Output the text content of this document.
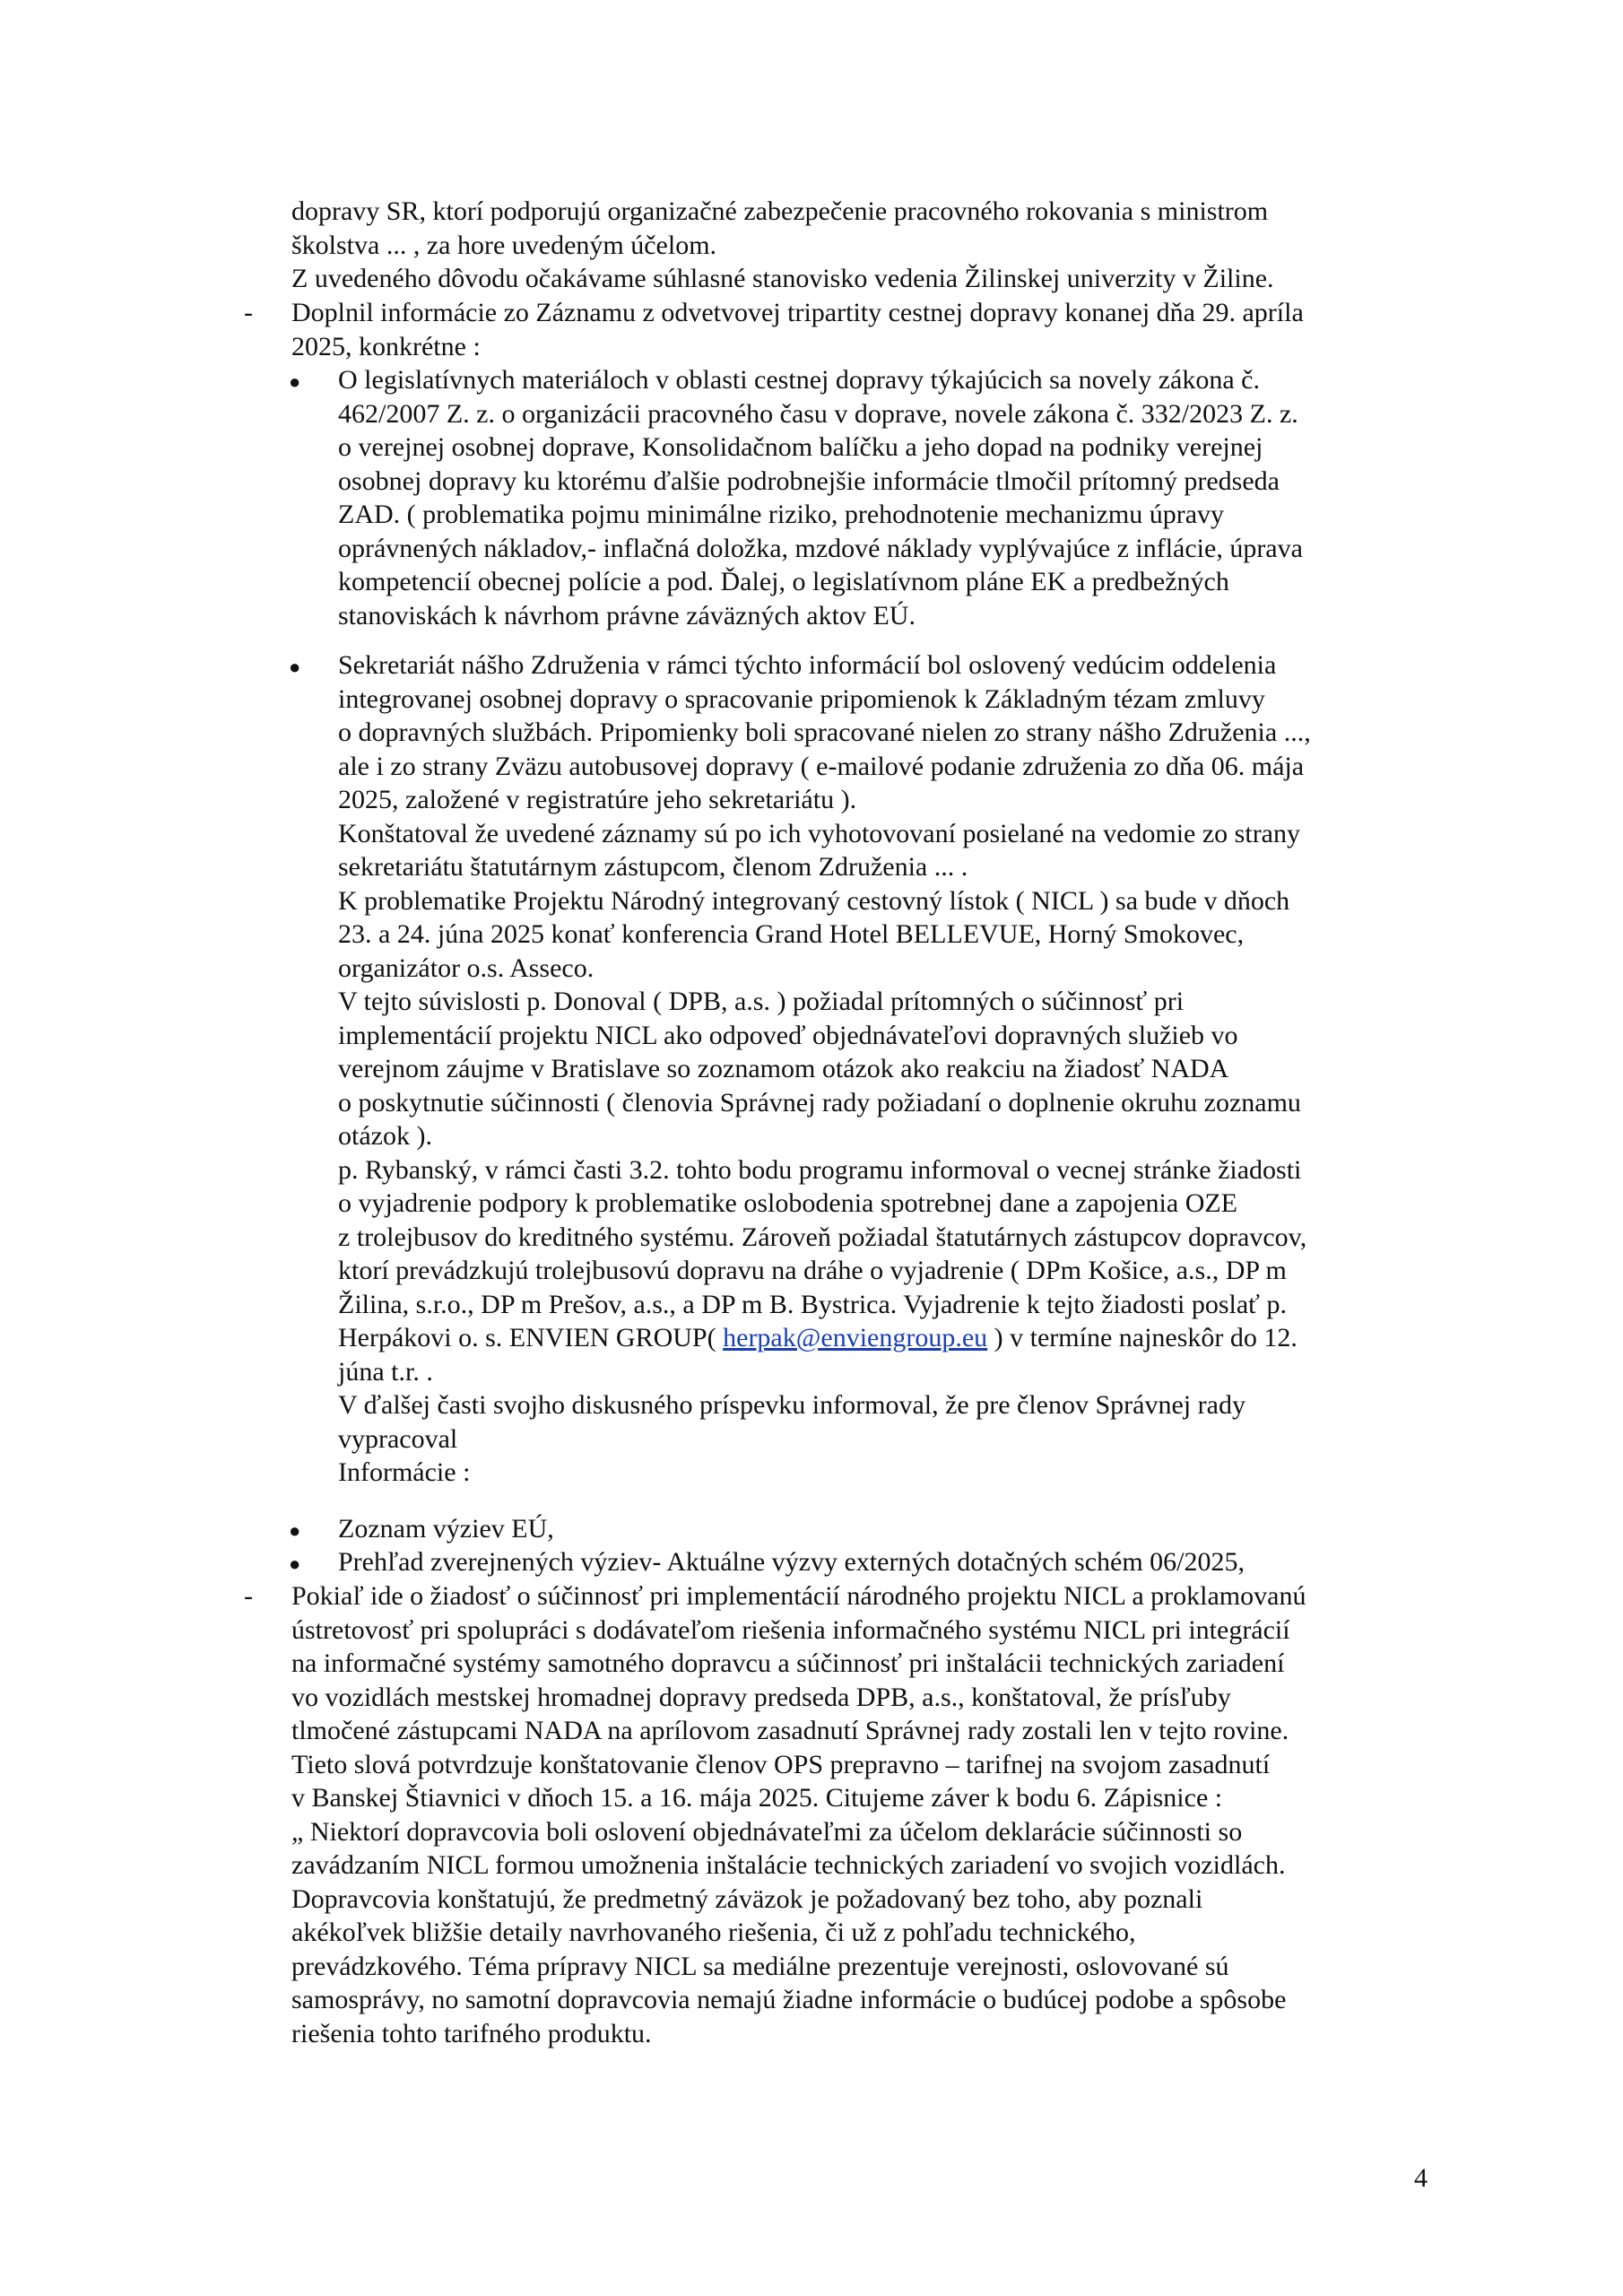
dopravy SR, ktorí podporujú organizačné zabezpečenie pracovného rokovania s ministrom
školstva ... , za hore uvedeným účelom.
Z uvedeného dôvodu očakávame súhlasné stanovisko vedenia Žilinskej univerzity v Žiline.
-	Doplnil informácie zo Záznamu z odvetvovej tripartity cestnej dopravy konanej dňa 29. apríla
2025, konkrétne :
● O legislatívnych materiáloch v oblasti cestnej dopravy týkajúcich sa novely zákona č.
462/2007 Z. z. o organizácii pracovného času v doprave, novele zákona č. 332/2023 Z. z.
o verejnej osobnej doprave, Konsolidačnom balíčku a jeho dopad na podniky verejnej
osobnej dopravy ku ktorému ďalšie podrobnejšie informácie tlmočil prítomný predseda
ZAD. ( problematika pojmu minimálne riziko, prehodnotenie mechanizmu úpravy
oprávnených nákladov,- inflačná doložka, mzdové náklady vyplývajúce z inflácie, úprava
kompetencií obecnej polície a pod. Ďalej, o legislatívnom pláne EK a predbežných
stanoviskách k návrhom právne záväzných aktov EÚ.
● Sekretariát nášho Združenia v rámci týchto informácií bol oslovený vedúcim oddelenia
integrovanej osobnej dopravy o spracovanie pripomienok k Základným tézam zmluvy
o dopravných službách. Pripomienky boli spracované nielen zo strany nášho Združenia ...,
ale i zo strany Zväzu autobusovej dopravy ( e-mailové podanie združenia zo dňa 06. mája
2025, založené v registratúre jeho sekretariátu ).
Konštatoval že uvedené záznamy sú po ich vyhotovovaní posielané na vedomie zo strany
sekretariátu štatutárnym zástupcom, členom Združenia ... .
K problematike Projektu Národný integrovaný cestovný lístok ( NICL ) sa bude v dňoch
23. a 24. júna 2025 konať konferencia Grand Hotel BELLEVUE, Horný Smokovec,
organizátor o.s. Asseco.
V tejto súvislosti p. Donoval ( DPB, a.s. ) požiadal prítomných o súčinnosť pri
implementácií projektu NICL ako odpoveď objednávateľovi dopravných služieb vo
verejnom záujme v Bratislave so zoznamom otázok ako reakciu na žiadosť NADA
o poskytnutie súčinnosti ( členovia Správnej rady požiadaní o doplnenie okruhu zoznamu
otázok ).
p. Rybanský, v rámci časti 3.2. tohto bodu programu informoval o vecnej stránke žiadosti
o vyjadrenie podpory k problematike oslobodenia spotrebnej dane a zapojenia OZE
z trolejbusov do kreditného systému. Zároveň požiadal štatutárnych zástupcov dopravcov,
ktorí prevádzkujú trolejbusovú dopravu na dráhe o vyjadrenie ( DPm Košice, a.s., DP m
Žilina, s.r.o., DP m Prešov, a.s., a DP m B. Bystrica. Vyjadrenie k tejto žiadosti poslať p.
Herpákovi o. s. ENVIEN GROUP( herpak@enviengroup.eu ) v termíne najneskôr do 12.
júna t.r. .
V ďalšej časti svojho diskusného príspevku informoval, že pre členov Správnej rady
vypracoval
Informácie :
● Zoznam výziev EÚ,
● Prehľad zverejnených výziev- Aktuálne výzvy externých dotačných schém 06/2025,
-	Pokiaľ ide o žiadosť o súčinnosť pri implementácií národného projektu NICL a proklamovanú
ústretovosť pri spolupráci s dodávateľom riešenia informačného systému NICL pri integrácií
na informačné systémy samotného dopravcu a súčinnosť pri inštalácii technických zariadení
vo vozidlách mestskej hromadnej dopravy predseda DPB, a.s., konštatoval, že prísľuby
tlmočené zástupcami NADA na aprílovom zasadnutí Správnej rady zostali len v tejto rovine.
Tieto slová potvrdzuje konštatovanie členov OPS prepravno – tarifnej na svojom zasadnutí
v Banskej Štiavnici v dňoch 15. a 16. mája 2025. Citujeme záver k bodu 6. Zápisnice :
„ Niektorí dopravcovia boli oslovení objednávateľmi za účelom deklarácie súčinnosti so
zavádzaním NICL formou umožnenia inštalácie technických zariadení vo svojich vozidlách.
Dopravcovia konštatujú, že predmetný záväzok je požadovaný bez toho, aby poznali
akékoľvek bližšie detaily navrhovaného riešenia, či už z pohľadu technického,
prevádzkového. Téma prípravy NICL sa mediálne prezentuje verejnosti, oslovované sú
samosprávy, no samotní dopravcovia nemajú žiadne informácie o budúcej podobe a spôsobe
riešenia tohto tarifného produktu.
4
